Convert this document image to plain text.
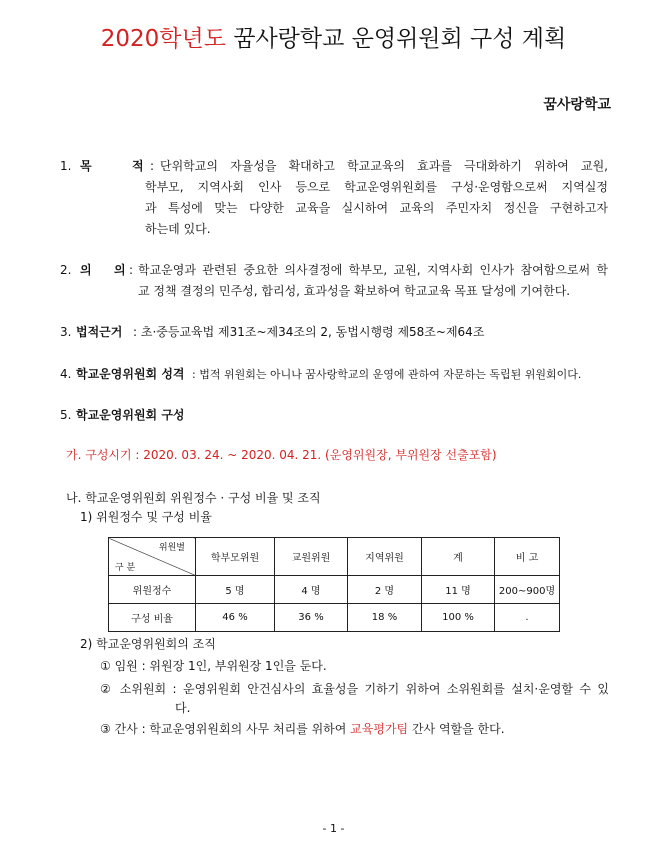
2020학년도 꿈사랑학교 운영위원회 구성 계획
꿈사랑학교
1. 목	적 : 단위학교의 자율성을 확대하고 학교교육의 효과를 극대화하기 위하여 교원,
학부모, 지역사회 인사 등으로 학교운영위원회를 구성·운영함으로써 지역실정
과 특성에 맞는 다양한 교육을 실시하여 교육의 주민자치 정신을 구현하고자
하는데 있다.
2. 의 의 : 학교운영과 관련된 중요한 의사결정에 학부모, 교원, 지역사회 인사가 참여함으로써 학
교 정책 결정의 민주성, 합리성, 효과성을 확보하여 학교교육 목표 달성에 기여한다.
3. 법적근거 : 초·중등교육법 제31조~제34조의 2, 동법시행령 제58조~제64조
4. 학교운영위원회 성격 : 법적 위원회는 아니나 꿈사랑학교의 운영에 관하여 자문하는 독립된 위원회이다.
5. 학교운영위원회 구성
가. 구성시기 : 2020. 03. 24. ~ 2020. 04. 21. (운영위원장, 부위원장 선출포함)
나. 학교운영위원회 위원정수 · 구성 비율 및 조직
1) 위원정수 및 구성 비율
위원별
구 분	학부모위원	교원위원	지역위원	계	비 고
위원정수	5 명	4 명	2 명	11 명	200~900명
구성 비율	46 %	36 %	18 %	100 %	.
2) 학교운영위원회의 조직
① 임원 : 위원장 1인, 부위원장 1인을 둔다.
② 소위원회 : 운영위원회 안건심사의 효율성을 기하기 위하여 소위원회를 설치·운영할 수 있
다.
③ 간사 : 학교운영위원회의 사무 처리를 위하여 교육평가팀 간사 역할을 한다.
- 1 -
